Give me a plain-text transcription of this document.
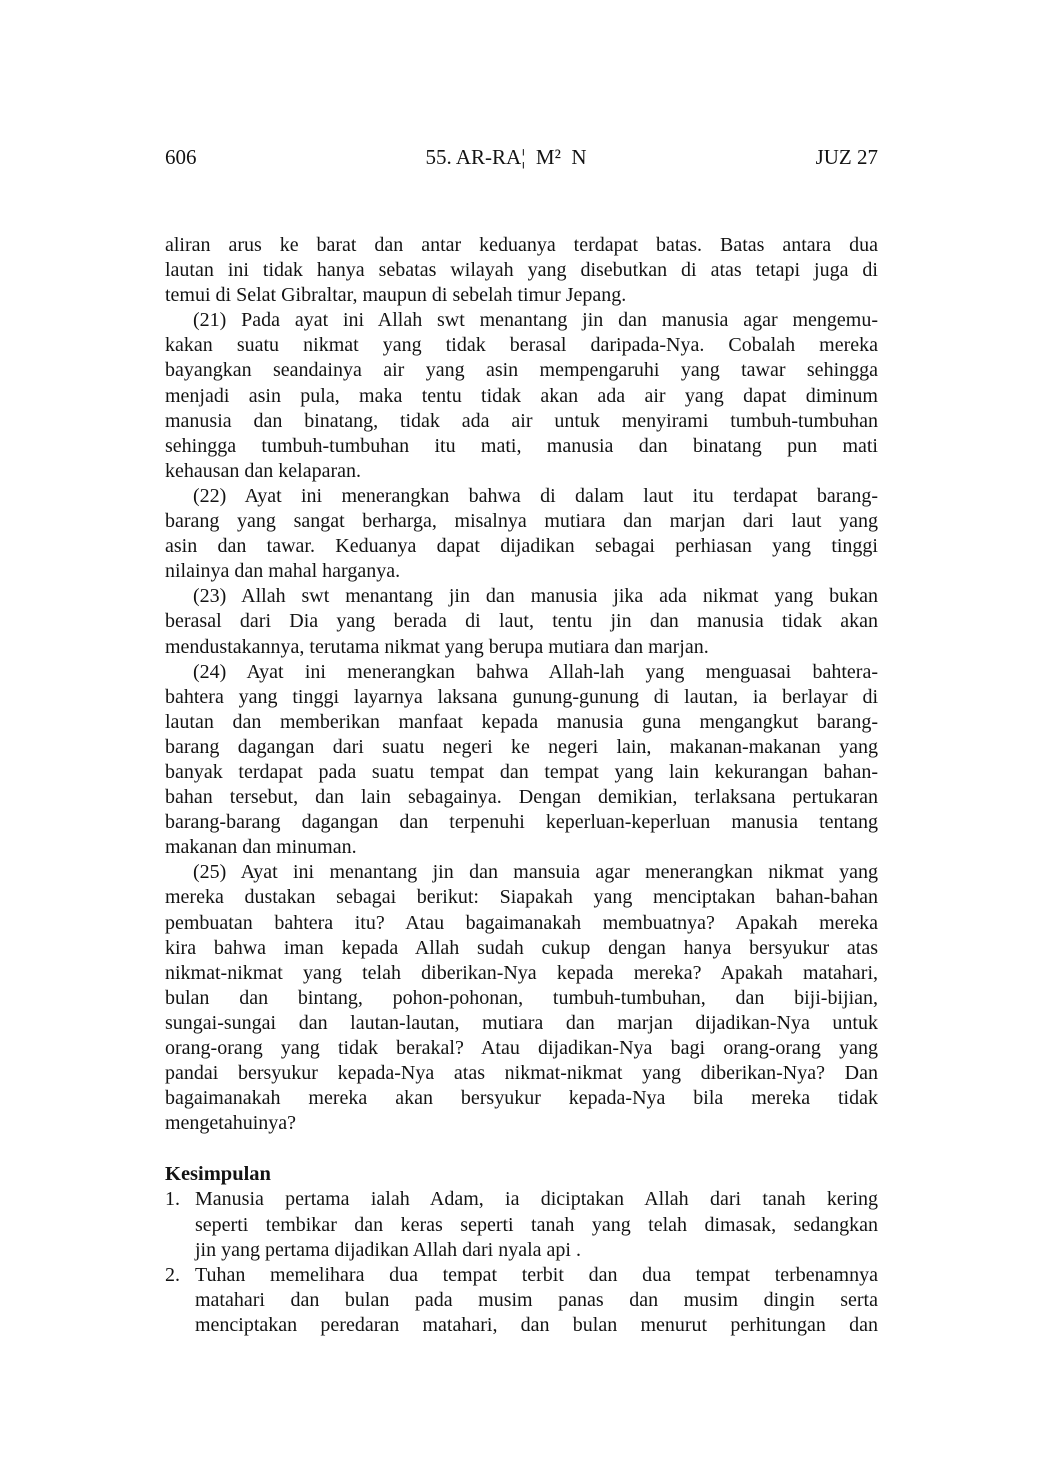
606	55. AR-RA¦  M²  N	JUZ 27
aliran arus ke barat dan antar keduanya terdapat batas. Batas antara dua
lautan ini tidak hanya sebatas wilayah yang disebutkan di atas tetapi juga di
temui di Selat Gibraltar, maupun di sebelah timur Jepang.
(21) Pada ayat ini Allah swt menantang jin dan manusia agar mengemu-
kakan suatu nikmat yang tidak berasal daripada-Nya. Cobalah mereka
bayangkan seandainya air yang asin mempengaruhi yang tawar sehingga
menjadi asin pula, maka tentu tidak akan ada air yang dapat diminum
manusia dan binatang, tidak ada air untuk menyirami tumbuh-tumbuhan
sehingga tumbuh-tumbuhan itu mati, manusia dan binatang pun mati
kehausan dan kelaparan.
(22) Ayat ini menerangkan bahwa di dalam laut itu terdapat barang-
barang yang sangat berharga, misalnya mutiara dan marjan dari laut yang
asin dan tawar. Keduanya dapat dijadikan sebagai perhiasan yang tinggi
nilainya dan mahal harganya.
(23) Allah swt menantang jin dan manusia jika ada nikmat yang bukan
berasal dari Dia yang berada di laut, tentu jin dan manusia tidak akan
mendustakannya, terutama nikmat yang berupa mutiara dan marjan.
(24) Ayat ini menerangkan bahwa Allah-lah yang menguasai bahtera-
bahtera yang tinggi layarnya laksana gunung-gunung di lautan, ia berlayar di
lautan dan memberikan manfaat kepada manusia guna mengangkut barang-
barang dagangan dari suatu negeri ke negeri lain, makanan-makanan yang
banyak terdapat pada suatu tempat dan tempat yang lain kekurangan bahan-
bahan tersebut, dan lain sebagainya. Dengan demikian, terlaksana pertukaran
barang-barang dagangan dan terpenuhi keperluan-keperluan manusia tentang
makanan dan minuman.
(25) Ayat ini menantang jin dan mansuia agar menerangkan nikmat yang
mereka dustakan sebagai berikut: Siapakah yang menciptakan bahan-bahan
pembuatan bahtera itu? Atau bagaimanakah membuatnya? Apakah mereka
kira bahwa iman kepada Allah sudah cukup dengan hanya bersyukur atas
nikmat-nikmat yang telah diberikan-Nya kepada mereka? Apakah matahari,
bulan dan bintang, pohon-pohonan, tumbuh-tumbuhan, dan biji-bijian,
sungai-sungai dan lautan-lautan, mutiara dan marjan dijadikan-Nya untuk
orang-orang yang tidak berakal? Atau dijadikan-Nya bagi orang-orang yang
pandai bersyukur kepada-Nya atas nikmat-nikmat yang diberikan-Nya? Dan
bagaimanakah mereka akan bersyukur kepada-Nya bila mereka tidak
mengetahuinya?
Kesimpulan
1. Manusia pertama ialah Adam, ia diciptakan Allah dari tanah kering
seperti tembikar dan keras seperti tanah yang telah dimasak, sedangkan
jin yang pertama dijadikan Allah dari nyala api .
2. Tuhan memelihara dua tempat terbit dan dua tempat terbenamnya
matahari dan bulan pada musim panas dan musim dingin serta
menciptakan peredaran matahari, dan bulan menurut perhitungan dan
